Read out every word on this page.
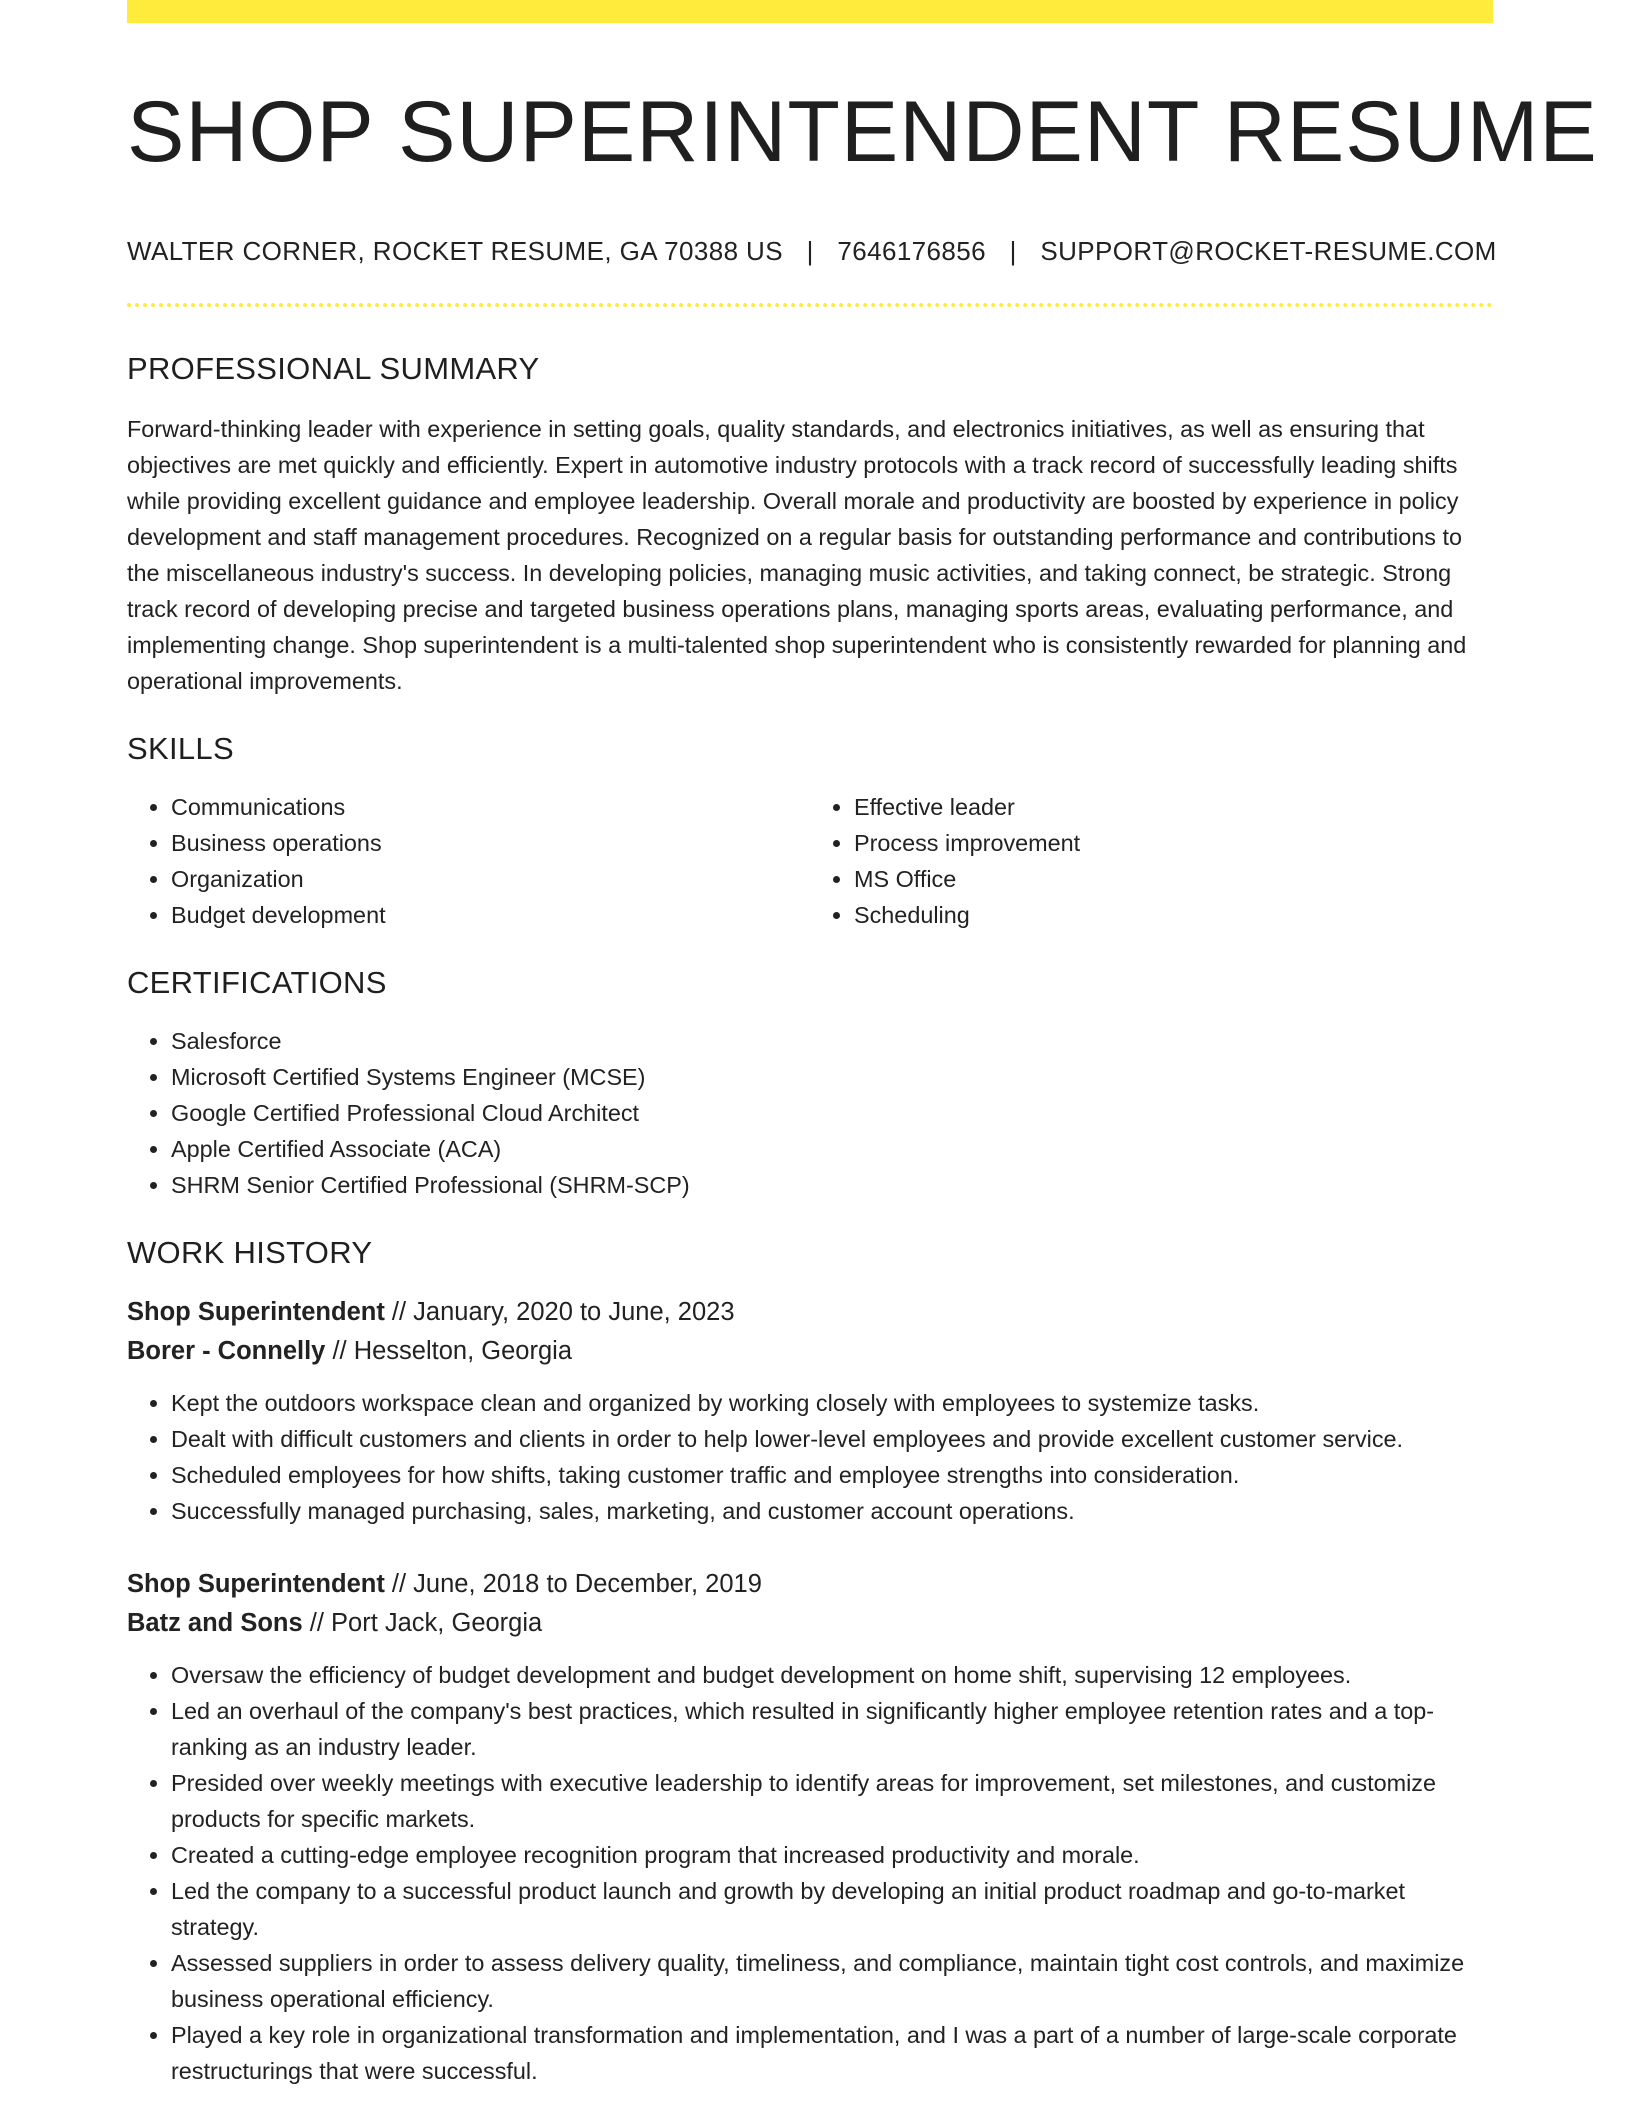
SHOP SUPERINTENDENT RESUME
WALTER CORNER, ROCKET RESUME, GA 70388 US | 7646176856 | SUPPORT@ROCKET-RESUME.COM
PROFESSIONAL SUMMARY

Forward-thinking leader with experience in setting goals, quality standards, and electronics initiatives, as well as ensuring that objectives are met quickly and efficiently. Expert in automotive industry protocols with a track record of successfully leading shifts while providing excellent guidance and employee leadership. Overall morale and productivity are boosted by experience in policy development and staff management procedures. Recognized on a regular basis for outstanding performance and contributions to the miscellaneous industry's success. In developing policies, managing music activities, and taking connect, be strategic. Strong track record of developing precise and targeted business operations plans, managing sports areas, evaluating performance, and implementing change. Shop superintendent is a multi-talented shop superintendent who is consistently rewarded for planning and operational improvements.

SKILLS
• Communications
• Business operations
• Organization
• Budget development
• Effective leader
• Process improvement
• MS Office
• Scheduling
CERTIFICATIONS
• Salesforce
• Microsoft Certified Systems Engineer (MCSE)
• Google Certified Professional Cloud Architect
• Apple Certified Associate (ACA)
• SHRM Senior Certified Professional (SHRM-SCP)
WORK HISTORY
Shop Superintendent // January, 2020 to June, 2023
Borer - Connelly // Hesselton, Georgia
• Kept the outdoors workspace clean and organized by working closely with employees to systemize tasks.
• Dealt with difficult customers and clients in order to help lower-level employees and provide excellent customer service.
• Scheduled employees for how shifts, taking customer traffic and employee strengths into consideration.
• Successfully managed purchasing, sales, marketing, and customer account operations.
Shop Superintendent // June, 2018 to December, 2019
Batz and Sons // Port Jack, Georgia
• Oversaw the efficiency of budget development and budget development on home shift, supervising 12 employees.
• Led an overhaul of the company's best practices, which resulted in significantly higher employee retention rates and a top-ranking as an industry leader.
• Presided over weekly meetings with executive leadership to identify areas for improvement, set milestones, and customize products for specific markets.
• Created a cutting-edge employee recognition program that increased productivity and morale.
• Led the company to a successful product launch and growth by developing an initial product roadmap and go-to-market strategy.
• Assessed suppliers in order to assess delivery quality, timeliness, and compliance, maintain tight cost controls, and maximize business operational efficiency.
• Played a key role in organizational transformation and implementation, and I was a part of a number of large-scale corporate restructurings that were successful.
